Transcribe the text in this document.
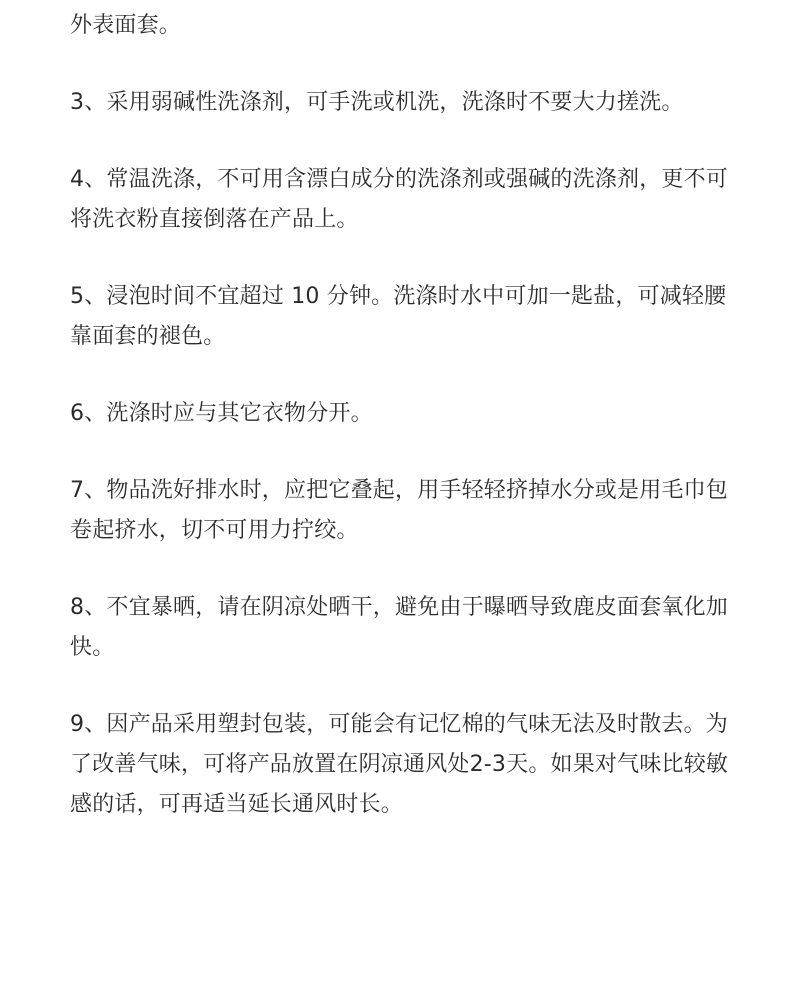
外表面套。

3、采用弱碱性洗涤剂，可手洗或机洗，洗涤时不要大力搓洗。

4、常温洗涤，不可用含漂白成分的洗涤剂或强碱的洗涤剂，更不可将洗衣粉直接倒落在产品上。

5、浸泡时间不宜超过 10 分钟。洗涤时水中可加一匙盐，可减轻腰靠面套的褪色。

6、洗涤时应与其它衣物分开。

7、物品洗好排水时，应把它叠起，用手轻轻挤掉水分或是用毛巾包卷起挤水，切不可用力拧绞。

8、不宜暴晒，请在阴凉处晒干，避免由于曝晒导致鹿皮面套氧化加快。

9、因产品采用塑封包装，可能会有记忆棉的气味无法及时散去。为了改善气味，可将产品放置在阴凉通风处2-3天。如果对气味比较敏感的话，可再适当延长通风时长。
